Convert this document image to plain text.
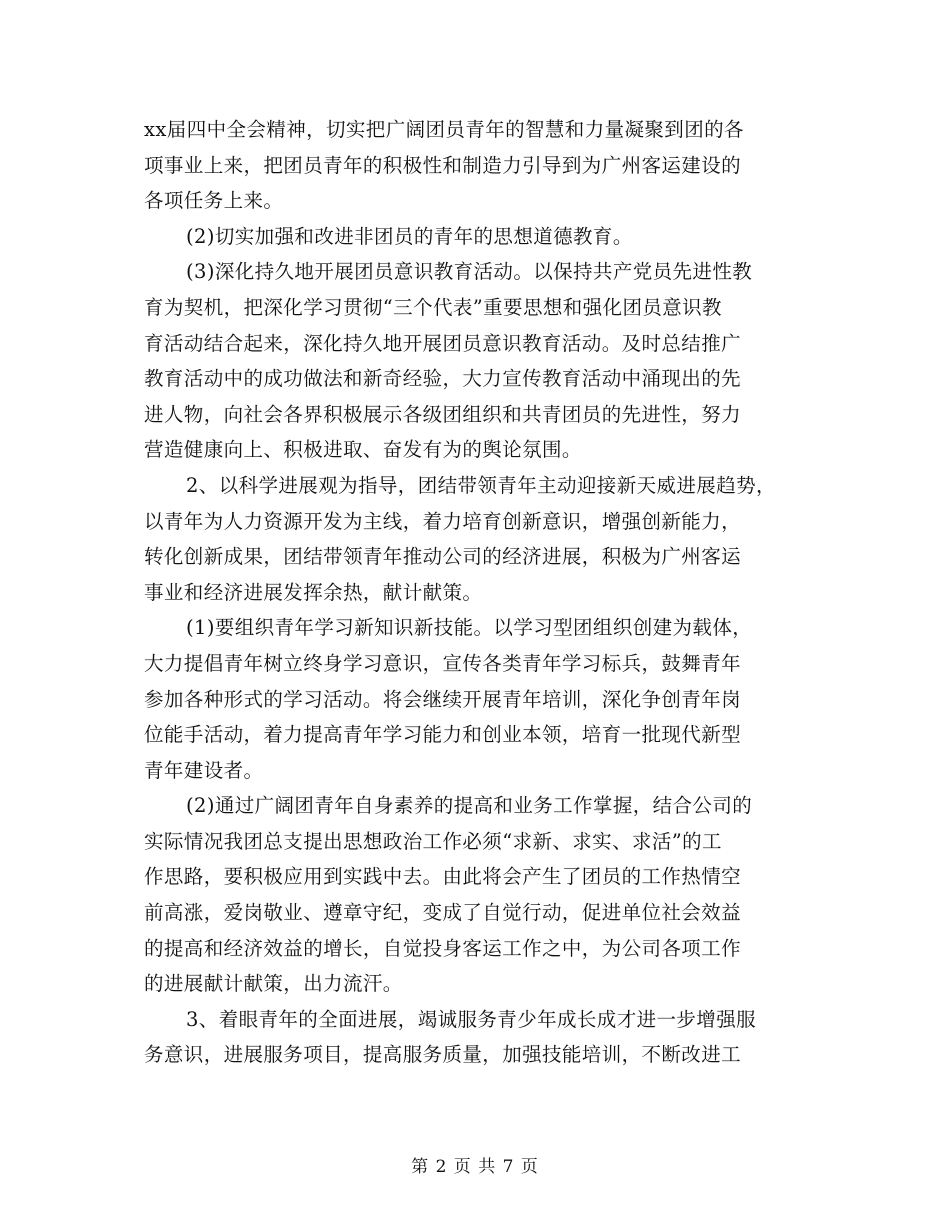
xx届四中全会精神，切实把广阔团员青年的智慧和力量凝聚到团的各
项事业上来，把团员青年的积极性和制造力引导到为广州客运建设的
各项任务上来。
(2)切实加强和改进非团员的青年的思想道德教育。
(3)深化持久地开展团员意识教育活动。以保持共产党员先进性教
育为契机，把深化学习贯彻“三个代表”重要思想和强化团员意识教
育活动结合起来，深化持久地开展团员意识教育活动。及时总结推广
教育活动中的成功做法和新奇经验，大力宣传教育活动中涌现出的先
进人物，向社会各界积极展示各级团组织和共青团员的先进性，努力
营造健康向上、积极进取、奋发有为的舆论氛围。
2、以科学进展观为指导，团结带领青年主动迎接新天威进展趋势，
以青年为人力资源开发为主线，着力培育创新意识，增强创新能力，
转化创新成果，团结带领青年推动公司的经济进展，积极为广州客运
事业和经济进展发挥余热，献计献策。
(1)要组织青年学习新知识新技能。以学习型团组织创建为载体，
大力提倡青年树立终身学习意识，宣传各类青年学习标兵，鼓舞青年
参加各种形式的学习活动。将会继续开展青年培训，深化争创青年岗
位能手活动，着力提高青年学习能力和创业本领，培育一批现代新型
青年建设者。
(2)通过广阔团青年自身素养的提高和业务工作掌握，结合公司的
实际情况我团总支提出思想政治工作必须“求新、求实、求活”的工
作思路，要积极应用到实践中去。由此将会产生了团员的工作热情空
前高涨，爱岗敬业、遵章守纪，变成了自觉行动，促进单位社会效益
的提高和经济效益的增长，自觉投身客运工作之中，为公司各项工作
的进展献计献策，出力流汗。
3、着眼青年的全面进展，竭诚服务青少年成长成才进一步增强服
务意识，进展服务项目，提高服务质量，加强技能培训，不断改进工
第 2 页 共 7 页
